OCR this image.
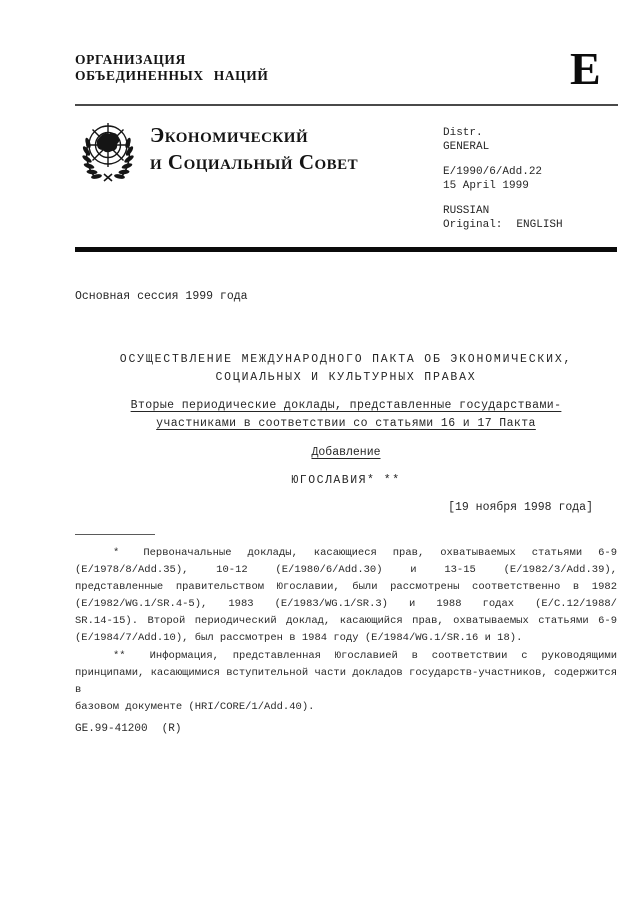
ОРГАНИЗАЦИЯ
ОБЪЕДИНЕННЫХ НАЦИЙ	E
Экономический
и Социальный Совет
Distr.
GENERAL
E/1990/6/Add.22
15 April 1999
RUSSIAN
Original: ENGLISH
Основная сессия 1999 года
ОСУЩЕСТВЛЕНИЕ МЕЖДУНАРОДНОГО ПАКТА ОБ ЭКОНОМИЧЕСКИХ,
СОЦИАЛЬНЫХ И КУЛЬТУРНЫХ ПРАВАХ
Вторые периодические доклады, представленные государствами-
участниками в соответствии со статьями 16 и 17 Пакта
Добавление
ЮГОСЛАВИЯ* **
[19 ноября 1998 года]
* Первоначальные доклады, касающиеся прав, охватываемых статьями 6-9
(E/1978/8/Add.35), 10-12 (E/1980/6/Add.30) и 13-15 (E/1982/3/Add.39),
представленные правительством Югославии, были рассмотрены соответственно в 1982
(E/1982/WG.1/SR.4-5), 1983 (E/1983/WG.1/SR.3) и 1988 годах (E/C.12/1988/
SR.14-15). Второй периодический доклад, касающийся прав, охватываемых статьями 6-9
(E/1984/7/Add.10), был рассмотрен в 1984 году (E/1984/WG.1/SR.16 и 18).
** Информация, представленная Югославией в соответствии с руководящими
принципами, касающимися вступительной части докладов государств-участников, содержится в
базовом документе (HRI/CORE/1/Add.40).
GE.99-41200 (R)
